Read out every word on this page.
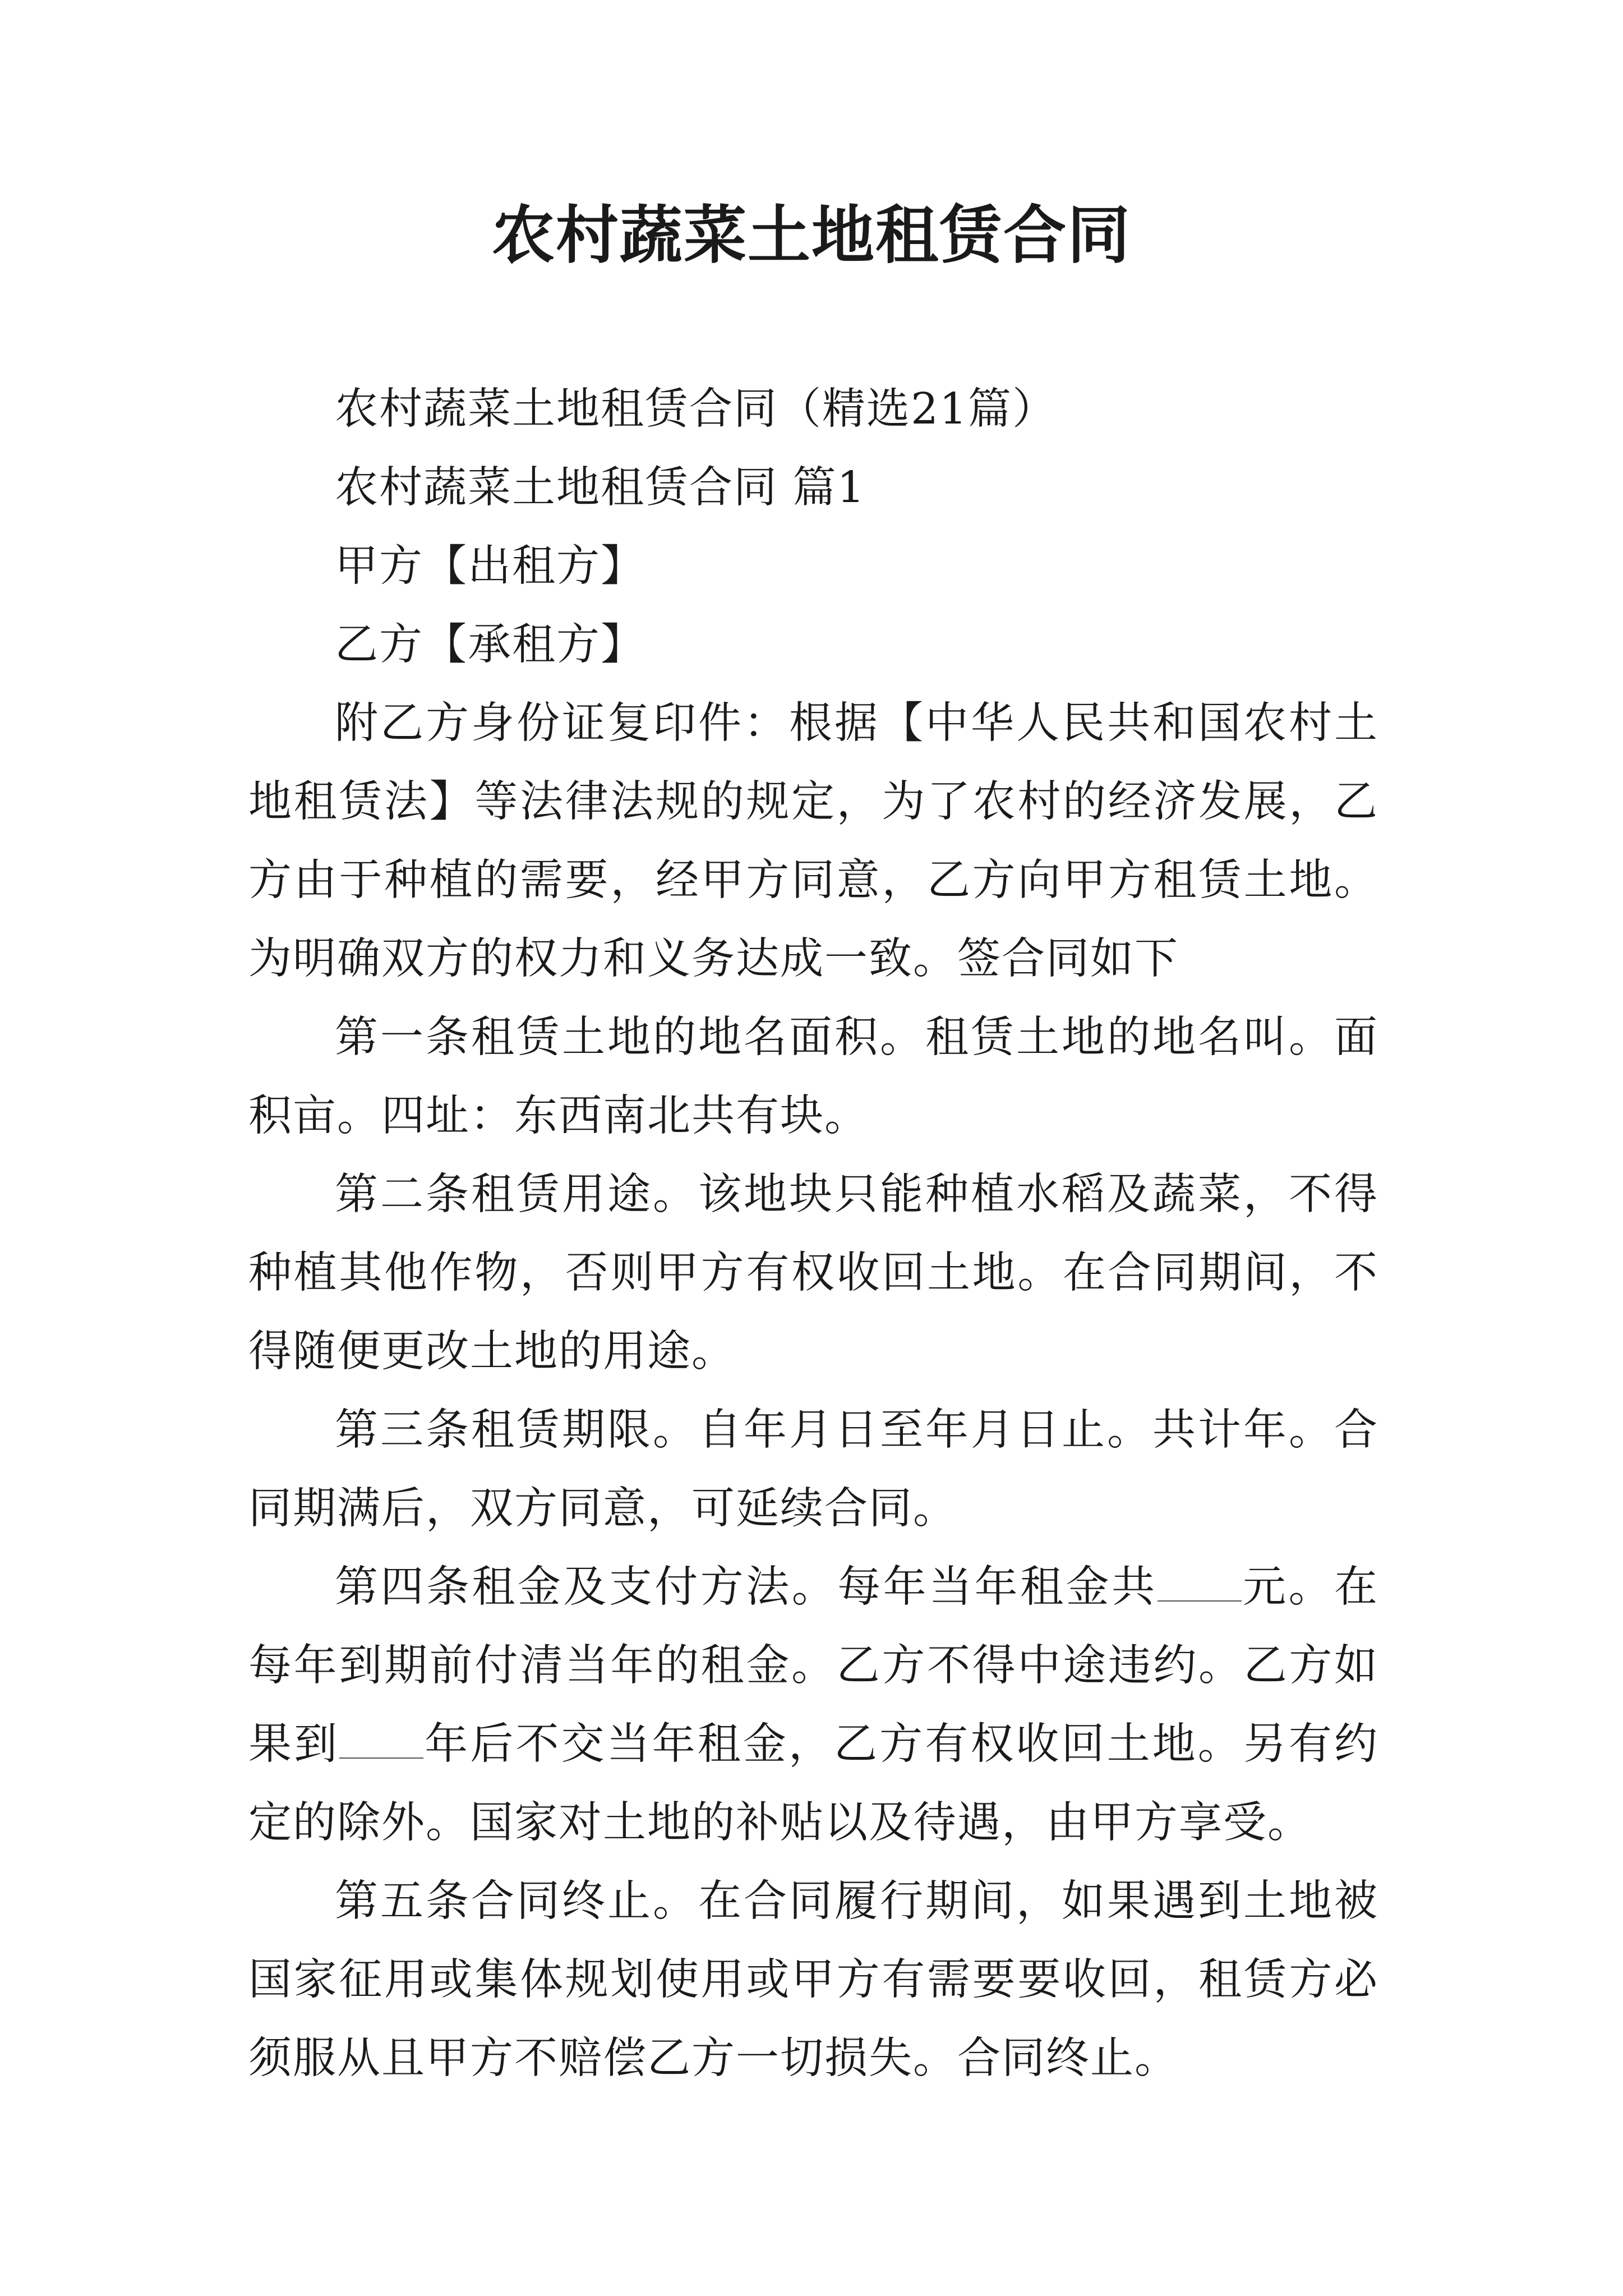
农村蔬菜土地租赁合同

农村蔬菜土地租赁合同（精选21篇）

农村蔬菜土地租赁合同 篇1

甲方【出租方】

乙方【承租方】

附乙方身份证复印件：根据【中华人民共和国农村土地租赁法】等法律法规的规定，为了农村的经济发展，乙方由于种植的需要，经甲方同意，乙方向甲方租赁土地。为明确双方的权力和义务达成一致。签合同如下

第一条租赁土地的地名面积。租赁土地的地名叫。面积亩。四址：东西南北共有块。

第二条租赁用途。该地块只能种植水稻及蔬菜，不得种植其他作物，否则甲方有权收回土地。在合同期间，不得随便更改土地的用途。

第三条租赁期限。自年月日至年月日止。共计年。合同期满后，双方同意，可延续合同。

第四条租金及支付方法。每年当年租金共 元。在每年到期前付清当年的租金。乙方不得中途违约。乙方如果到 年后不交当年租金，乙方有权收回土地。另有约定的除外。国家对土地的补贴以及待遇，由甲方享受。

第五条合同终止。在合同履行期间，如果遇到土地被国家征用或集体规划使用或甲方有需要要收回，租赁方必须服从且甲方不赔偿乙方一切损失。合同终止。
